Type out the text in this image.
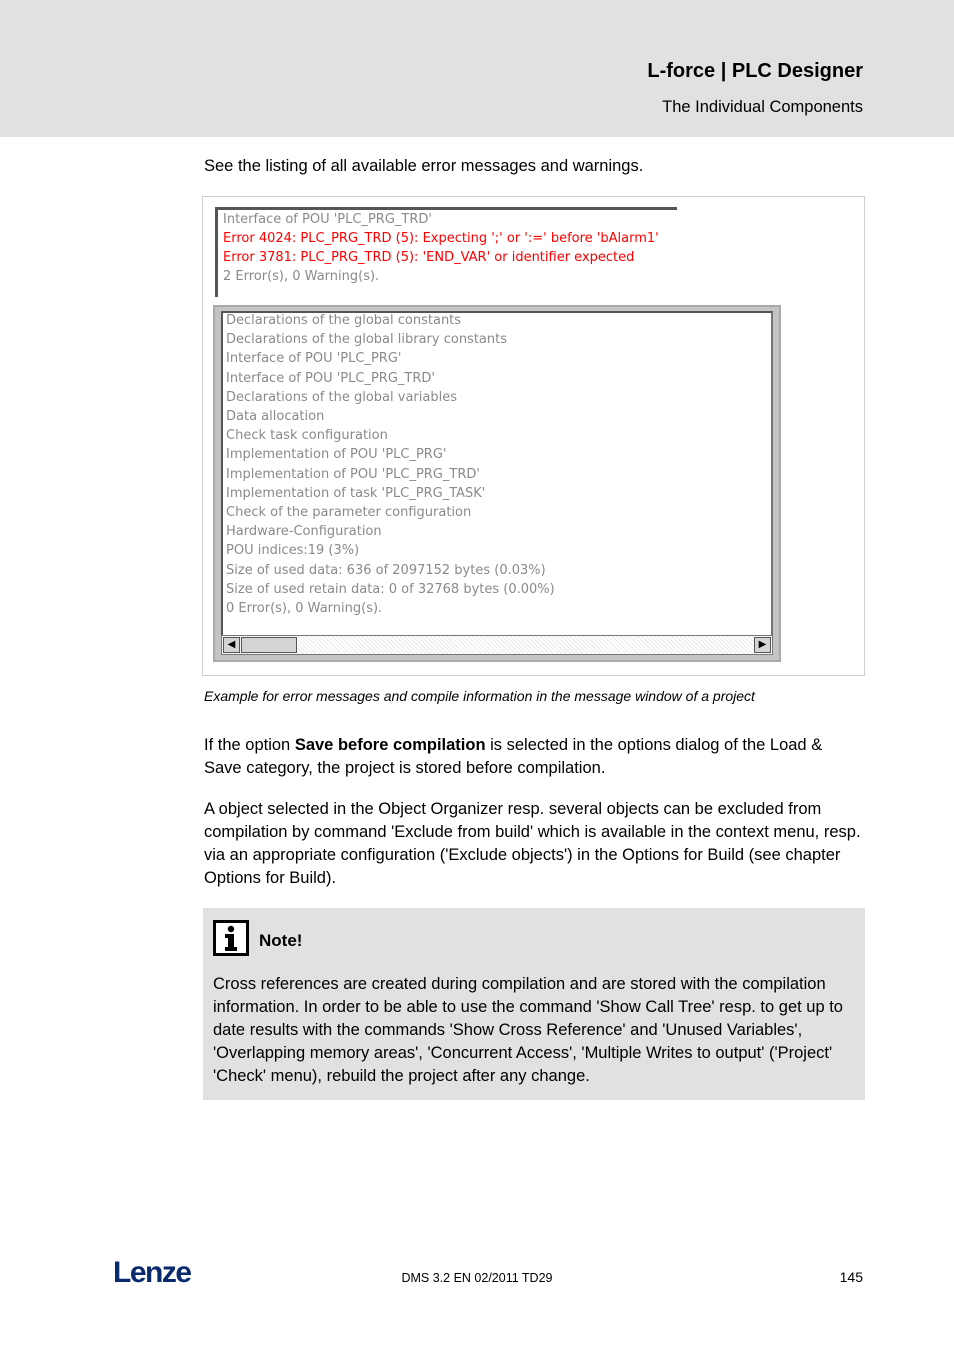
L-force | PLC Designer
The Individual Components

See the listing of all available error messages and warnings.

Interface of POU 'PLC_PRG_TRD'
Error 4024: PLC_PRG_TRD (5): Expecting ';' or ':=' before 'bAlarm1'
Error 3781: PLC_PRG_TRD (5): 'END_VAR' or identifier expected
2 Error(s), 0 Warning(s).
Declarations of the global constants
Declarations of the global library constants
Interface of POU 'PLC_PRG'
Interface of POU 'PLC_PRG_TRD'
Declarations of the global variables
Data allocation
Check task configuration
Implementation of POU 'PLC_PRG'
Implementation of POU 'PLC_PRG_TRD'
Implementation of task 'PLC_PRG_TASK'
Check of the parameter configuration
Hardware-Configuration
POU indices:19 (3%)
Size of used data: 636 of 2097152 bytes (0.03%)
Size of used retain data: 0 of 32768 bytes (0.00%)
0 Error(s), 0 Warning(s).
◀	▶
Example for error messages and compile information in the message window of a project

If the option Save before compilation is selected in the options dialog of the Load & Save category, the project is stored before compilation.

A object selected in the Object Organizer resp. several objects can be excluded from compilation by command 'Exclude from build' which is available in the context menu, resp. via an appropriate configuration ('Exclude objects') in the Options for Build (see chapter Options for Build).

Note!

Cross references are created during compilation and are stored with the compilation information. In order to be able to use the command 'Show Call Tree' resp. to get up to date results with the commands 'Show Cross Reference' and 'Unused Variables', 'Overlapping memory areas', 'Concurrent Access', 'Multiple Writes to output' ('Project' 'Check' menu), rebuild the project after any change.

Lenze	DMS 3.2 EN 02/2011 TD29	145
